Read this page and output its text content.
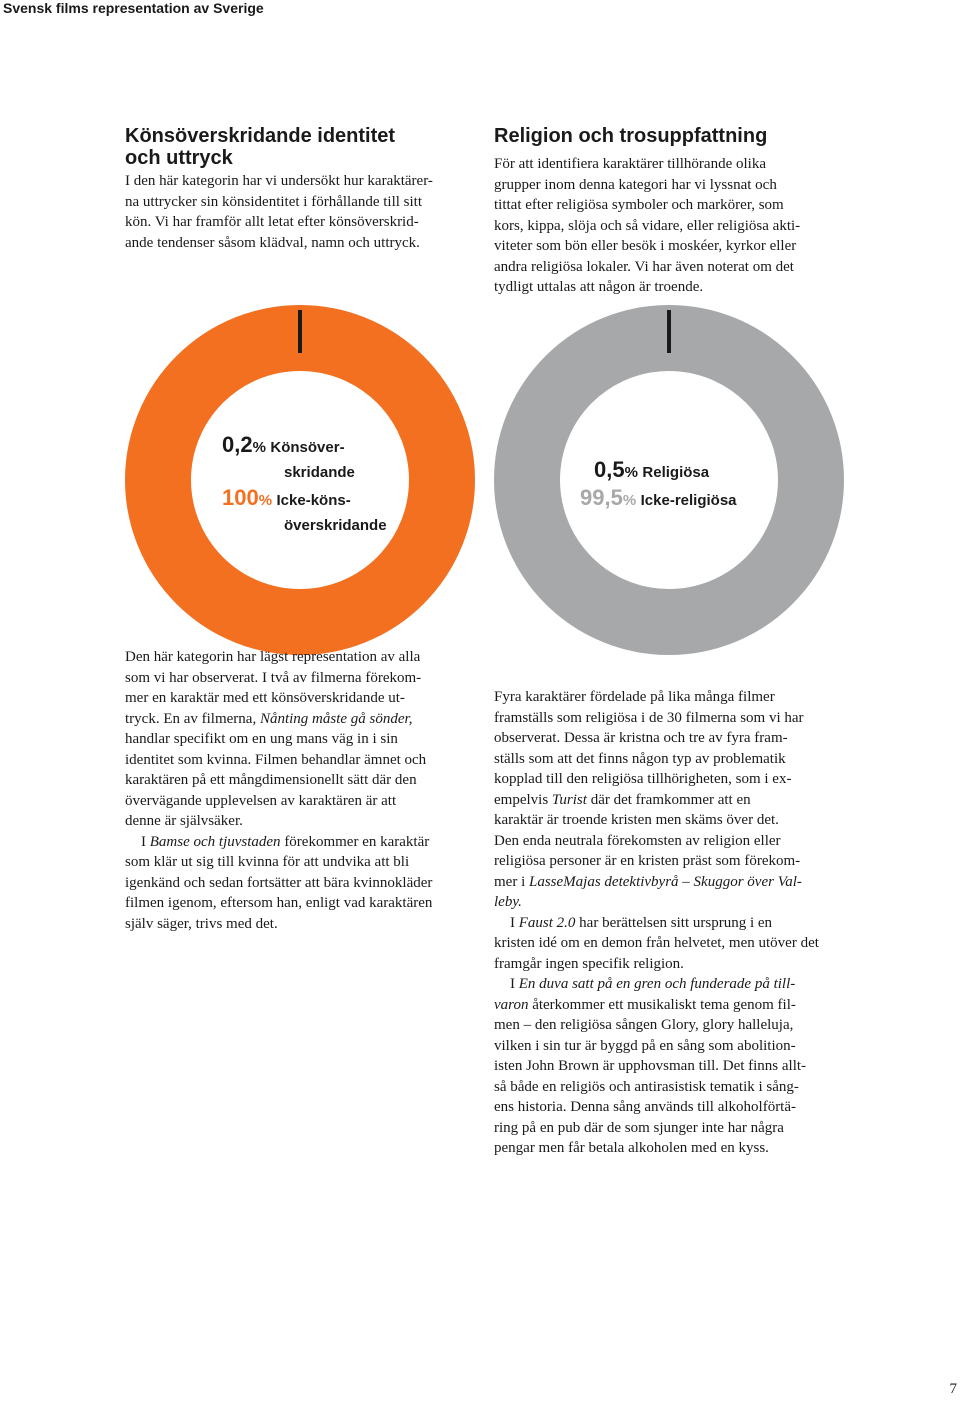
Svensk films representation av Sverige
Könsöverskridande identitet
och uttryck

I den här kategorin har vi undersökt hur karaktärer-

na uttrycker sin könsidentitet i förhållande till sitt

kön. Vi har framför allt letat efter könsöverskrid-

ande tendenser såsom klädval, namn och uttryck.

Religion och trosuppfattning

För att identifiera karaktärer tillhörande olika

grupper inom denna kategori har vi lyssnat och

tittat efter religiösa symboler och markörer, som

kors, kippa, slöja och så vidare, eller religiösa akti-

viteter som bön eller besök i moskéer, kyrkor eller

andra religiösa lokaler. Vi har även noterat om det

tydligt uttalas att någon är troende.

0,2% Könsöver-
skridande
100% Icke-köns-
överskridande
0,5% Religiösa
99,5% Icke-religiösa

Den här kategorin har lägst representation av alla

som vi har observerat. I två av filmerna förekom-

mer en karaktär med ett könsöverskridande ut-

tryck. En av filmerna, Nånting måste gå sönder,

handlar specifikt om en ung mans väg in i sin

identitet som kvinna. Filmen behandlar ämnet och

karaktären på ett mångdimensionellt sätt där den

övervägande upplevelsen av karaktären är att

denne är självsäker.

I Bamse och tjuvstaden förekommer en karaktär

som klär ut sig till kvinna för att undvika att bli

igenkänd och sedan fortsätter att bära kvinnokläder

filmen igenom, eftersom han, enligt vad karaktären

själv säger, trivs med det.

Fyra karaktärer fördelade på lika många filmer

framställs som religiösa i de 30 filmerna som vi har

observerat. Dessa är kristna och tre av fyra fram-

ställs som att det finns någon typ av problematik

kopplad till den religiösa tillhörigheten, som i ex-

empelvis Turist där det framkommer att en

karaktär är troende kristen men skäms över det.

Den enda neutrala förekomsten av religion eller

religiösa personer är en kristen präst som förekom-

mer i LasseMajas detektivbyrå – Skuggor över Val-

leby.

I Faust 2.0 har berättelsen sitt ursprung i en

kristen idé om en demon från helvetet, men utöver det

framgår ingen specifik religion.

I En duva satt på en gren och funderade på till-

varon återkommer ett musikaliskt tema genom fil-

men – den religiösa sången Glory, glory halleluja,

vilken i sin tur är byggd på en sång som abolition-

isten John Brown är upphovsman till. Det finns allt-

så både en religiös och antirasistisk tematik i sång-

ens historia. Denna sång används till alkoholförtä-

ring på en pub där de som sjunger inte har några

pengar men får betala alkoholen med en kyss.

7
